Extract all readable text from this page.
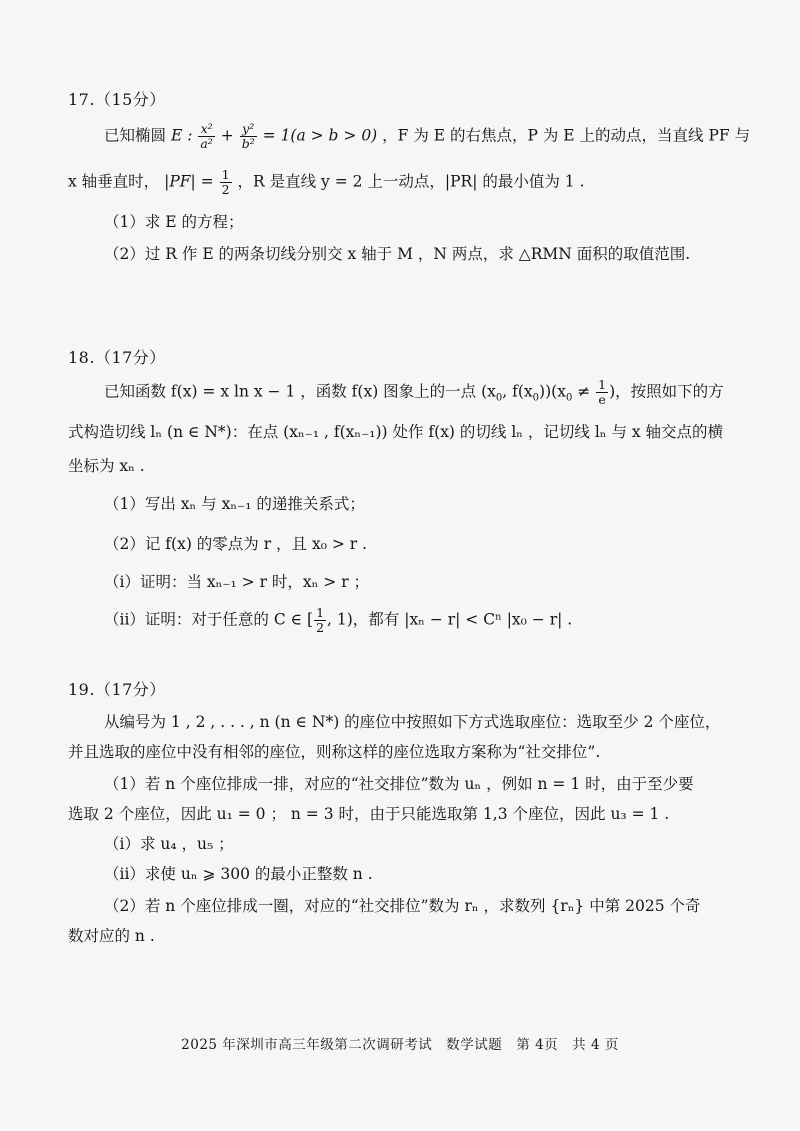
17.（15分）
已知椭圆 E : $\frac{\text{x²}}{\text{a²}} + \frac{\text{y²}}{\text{b²}} = 1(a > b > 0)$ ，F 为 E 的右焦点，P 为 E 上的动点，当直线 PF 与
x 轴垂直时， $|PF| = \frac{1}{2}$ ，R 是直线 y = 2 上一动点，|PR| 的最小值为 1 .
（1）求 E 的方程；
（2）过 R 作 E 的两条切线分别交 x 轴于 M ，N 两点，求 △RMN 面积的取值范围.
18.（17分）
已知函数 f(x) = x ln x − 1 ，函数 f(x) 图象上的一点 ($x_0$, $f(x_0))(x_0 \ne \frac{1}{e}$ )，按照如下的方
式构造切线 lₙ (n ∈ N*)：在点 (xₙ₋₁ , f(xₙ₋₁)) 处作 f(x) 的切线 lₙ ，记切线 lₙ 与 x 轴交点的横
坐标为 xₙ .
（1）写出 xₙ 与 xₙ₋₁ 的递推关系式；
（2）记 f(x) 的零点为 r ，且 x₀ > r .
（i）证明：当 xₙ₋₁ > r 时，xₙ > r ；
（ii）证明：对于任意的 C ∈ [ $\frac{1}{2}$ , 1)，都有 |xₙ − r| < Cⁿ |x₀ − r| .
19.（17分）
从编号为 1 , 2 , . . . , n (n ∈ N*) 的座位中按照如下方式选取座位：选取至少 2 个座位，
并且选取的座位中没有相邻的座位，则称这样的座位选取方案称为“社交排位”.
（1）若 n 个座位排成一排，对应的“社交排位”数为 uₙ ，例如 n = 1 时，由于至少要
选取 2 个座位，因此 u₁ = 0 ； n = 3 时，由于只能选取第 1,3 个座位，因此 u₃ = 1 .
（i）求 u₄ ，u₅ ；
（ii）求使 uₙ ⩾ 300 的最小正整数 n .
（2）若 n 个座位排成一圈，对应的“社交排位”数为 rₙ ，求数列 {rₙ} 中第 2025 个奇
数对应的 n .
2025 年深圳市高三年级第二次调研考试　数学试题　第 4页　共 4 页
